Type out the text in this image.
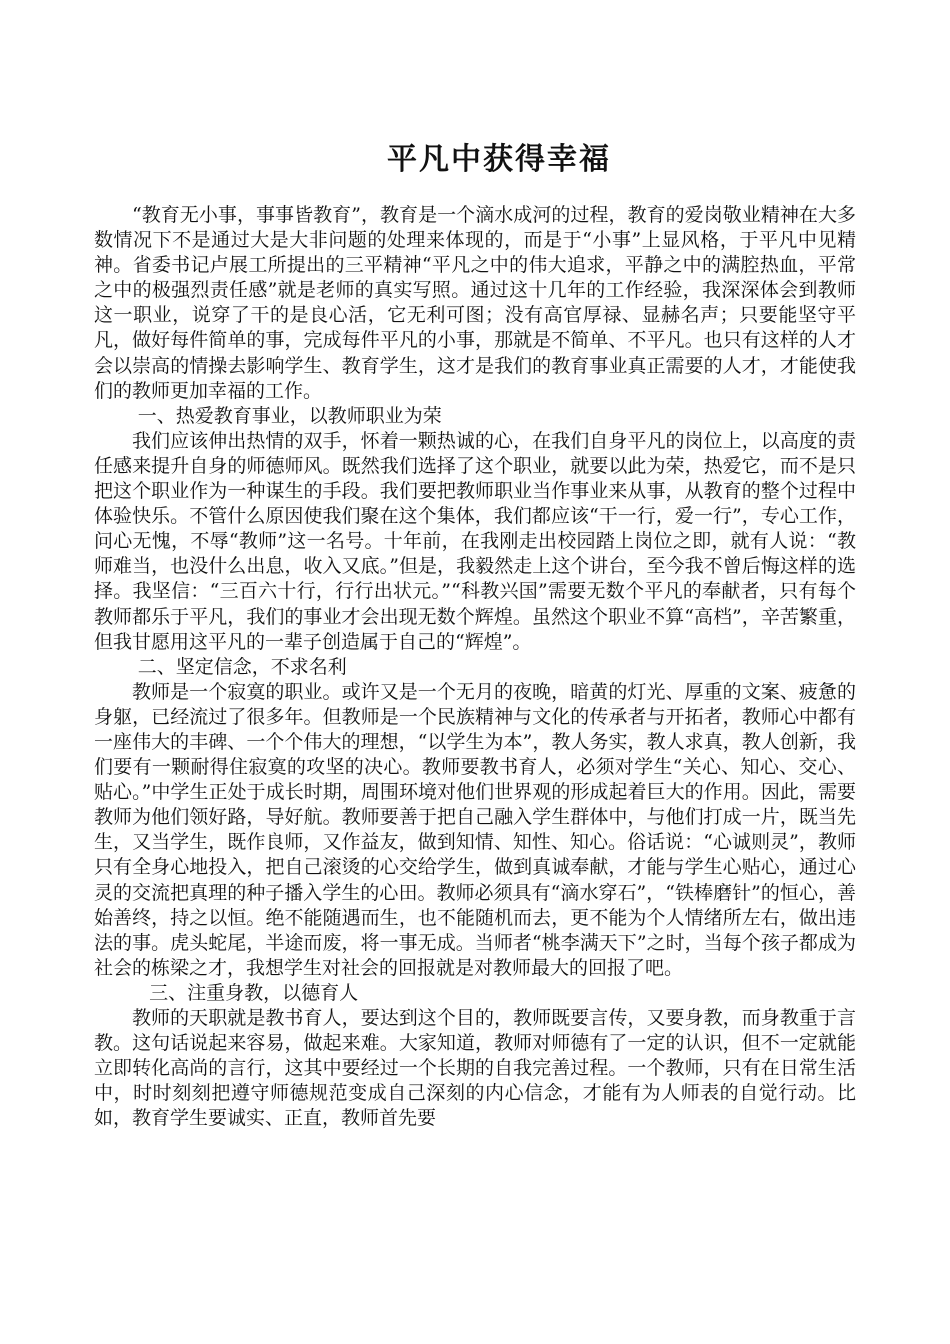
平凡中获得幸福

“教育无小事，事事皆教育”，教育是一个滴水成河的过程，教育的爱岗敬业精神在大多数情况下不是通过大是大非问题的处理来体现的，而是于“小事”上显风格，于平凡中见精神。省委书记卢展工所提出的三平精神“平凡之中的伟大追求，平静之中的满腔热血，平常之中的极强烈责任感”就是老师的真实写照。通过这十几年的工作经验，我深深体会到教师这一职业，说穿了干的是良心活，它无利可图；没有高官厚禄、显赫名声；只要能坚守平凡，做好每件简单的事，完成每件平凡的小事，那就是不简单、不平凡。也只有这样的人才会以崇高的情操去影响学生、教育学生，这才是我们的教育事业真正需要的人才，才能使我们的教师更加幸福的工作。

一、热爱教育事业，以教师职业为荣

我们应该伸出热情的双手，怀着一颗热诚的心，在我们自身平凡的岗位上，以高度的责任感来提升自身的师德师风。既然我们选择了这个职业，就要以此为荣，热爱它，而不是只把这个职业作为一种谋生的手段。我们要把教师职业当作事业来从事，从教育的整个过程中体验快乐。不管什么原因使我们聚在这个集体，我们都应该“干一行，爱一行”，专心工作，问心无愧，不辱“教师”这一名号。十年前，在我刚走出校园踏上岗位之即，就有人说：“教师难当，也没什么出息，收入又底。”但是，我毅然走上这个讲台，至今我不曾后悔这样的选择。我坚信：“三百六十行，行行出状元。”“科教兴国”需要无数个平凡的奉献者，只有每个教师都乐于平凡，我们的事业才会出现无数个辉煌。虽然这个职业不算“高档”，辛苦繁重，但我甘愿用这平凡的一辈子创造属于自己的“辉煌”。

二、坚定信念，不求名利

教师是一个寂寞的职业。或许又是一个无月的夜晚，暗黄的灯光、厚重的文案、疲惫的身躯，已经流过了很多年。但教师是一个民族精神与文化的传承者与开拓者，教师心中都有一座伟大的丰碑、一个个伟大的理想，“以学生为本”，教人务实，教人求真，教人创新，我们要有一颗耐得住寂寞的攻坚的决心。教师要教书育人，必须对学生“关心、知心、交心、贴心。”中学生正处于成长时期，周围环境对他们世界观的形成起着巨大的作用。因此，需要教师为他们领好路，导好航。教师要善于把自己融入学生群体中，与他们打成一片，既当先生，又当学生，既作良师，又作益友，做到知情、知性、知心。俗话说：“心诚则灵”，教师只有全身心地投入，把自己滚烫的心交给学生，做到真诚奉献，才能与学生心贴心，通过心灵的交流把真理的种子播入学生的心田。教师必须具有“滴水穿石”，“铁棒磨针”的恒心，善始善终，持之以恒。绝不能随遇而生，也不能随机而去，更不能为个人情绪所左右，做出违法的事。虎头蛇尾，半途而废，将一事无成。当师者“桃李满天下”之时，当每个孩子都成为社会的栋梁之才，我想学生对社会的回报就是对教师最大的回报了吧。

三、注重身教，以德育人

教师的天职就是教书育人，要达到这个目的，教师既要言传，又要身教，而身教重于言教。这句话说起来容易，做起来难。大家知道，教师对师德有了一定的认识，但不一定就能立即转化高尚的言行，这其中要经过一个长期的自我完善过程。一个教师，只有在日常生活中，时时刻刻把遵守师德规范变成自己深刻的内心信念，才能有为人师表的自觉行动。比如，教育学生要诚实、正直，教师首先要
